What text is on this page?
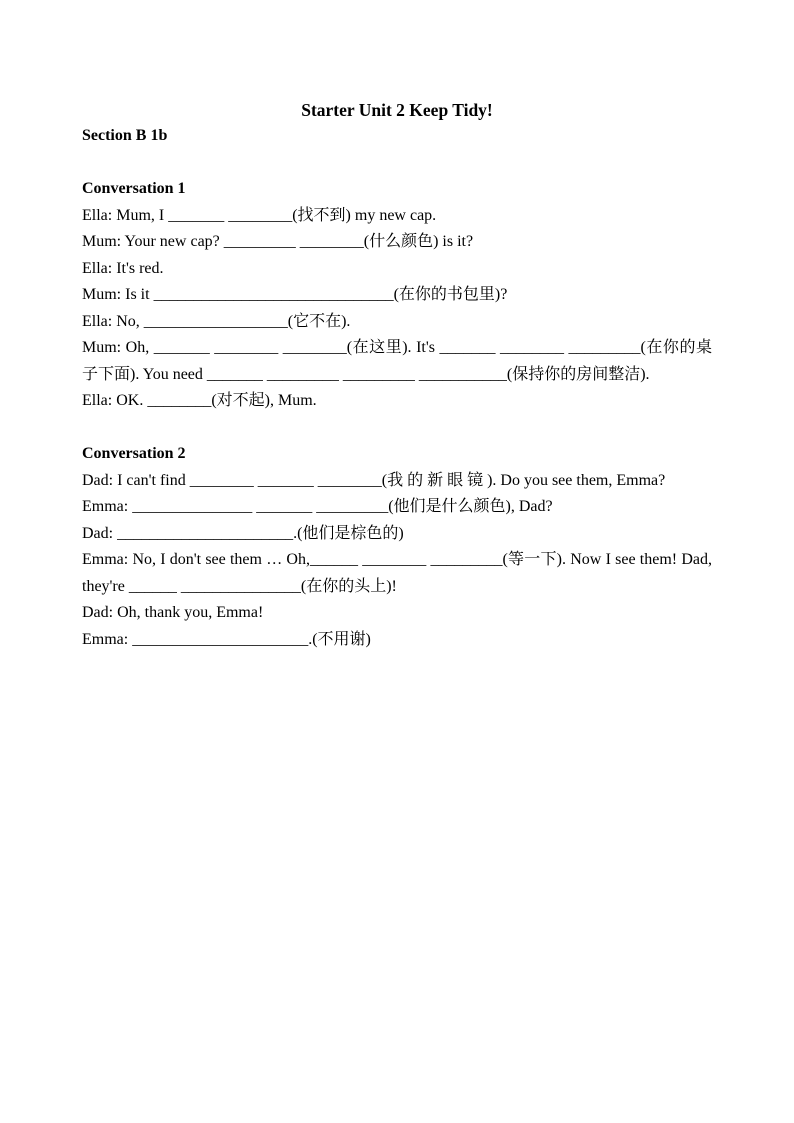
Starter Unit 2 Keep Tidy!

Section B 1b

Conversation 1

Ella: Mum, I _______ ________(找不到) my new cap.

Mum: Your new cap? _________ ________(什么颜色) is it?

Ella: It's red.

Mum: Is it ______________________________(在你的书包里)?

Ella: No, __________________(它不在).

Mum: Oh, _______ ________ ________(在这里). It's _______ ________ _________(在你的桌子下面). You need _______ _________ _________ ___________(保持你的房间整洁).

Ella: OK. ________(对不起), Mum.

Conversation 2

Dad: I can't find ________ _______ ________(我 的 新 眼 镜 ). Do you see them, Emma?

Emma: _______________ _______ _________(他们是什么颜色), Dad?

Dad: ______________________.(他们是棕色的)

Emma: No, I don't see them … Oh,______ ________ _________(等一下). Now I see them! Dad, they're ______ _______________(在你的头上)!

Dad: Oh, thank you, Emma!

Emma: ______________________.(不用谢)
